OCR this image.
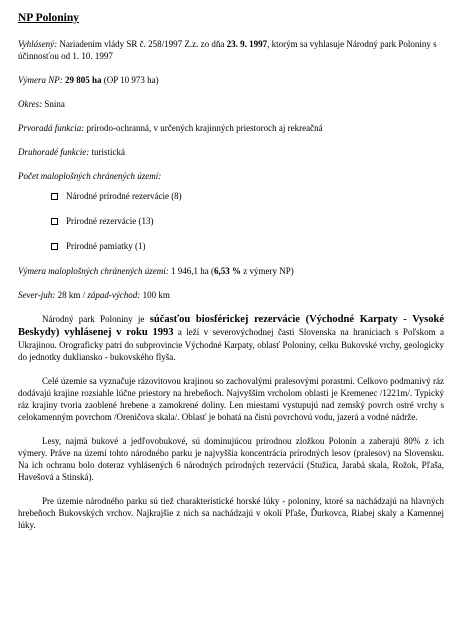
NP Poloniny
Vyhlásený: Nariadením vlády SR č. 258/1997 Z.z. zo dňa 23. 9. 1997, ktorým sa vyhlasuje Národný park Poloniny s účinnosťou od 1. 10. 1997
Výmera NP: 29 805 ha (OP 10 973 ha)
Okres: Snina
Prvoradá funkcia: prírodo-ochranná, v určených krajinných priestoroch aj rekreačná
Druhoradé funkcie: turistická
Počet maloplošných chránených území:
Národné prírodné rezervácie (8)
Prírodné rezervácie (13)
Prírodné pamiatky (1)
Výmera maloplošných chránených území: 1 946,1 ha (6,53 % z výmery NP)
Sever-juh: 28 km / západ-východ: 100 km

Národný park Poloniny je súčasťou biosférickej rezervácie (Východné Karpaty - Vysoké Beskydy) vyhlásenej v roku 1993 a leží v severovýchodnej časti Slovenska na hraniciach s Poľskom a Ukrajinou. Orograficky patrí do subprovincie Východné Karpaty, oblasť Poloniny, celku Bukovské vrchy, geologicky do jednotky dukliansko - bukovského flyša.

Celé územie sa vyznačuje rázovitovou krajinou so zachovalými pralesovými porastmi. Celkovo podmanivý ráz dodávajú krajine rozsiahle lúčne priestory na hrebeňoch. Najvyšším vrcholom oblasti je Kremenec /1221m/. Typický ráz krajiny tvoria zaoblené hrebene a zamokrené doliny. Len miestami vystupujú nad zemský povrch ostré vrchy s celokamenným povrchom /Oreničova skala/. Oblasť je bohatá na čistú povrchovú vodu, jazerá a vodné nádrže.

Lesy, najmä bukové a jedľovobukové, sú dominujúcou prírodnou zložkou Polonín a zaberajú 80% z ich výmery. Práve na území tohto národného parku je najvyššia koncentrácia prírodných lesov (pralesov) na Slovensku. Na ich ochranu bolo doteraz vyhlásených 6 národných prírodných rezervácií (Stužica, Jarabá skala, Rožok, Pľaša, Havešová a Stinská).

Pre územie národného parku sú tiež charakteristické horské lúky - poloniny, ktoré sa nachádzajú na hlavných hrebeňoch Bukovských vrchov. Najkrajšie z nich sa nachádzajú v okolí Pľaše, Ďurkovca, Riabej skaly a Kamennej lúky.
